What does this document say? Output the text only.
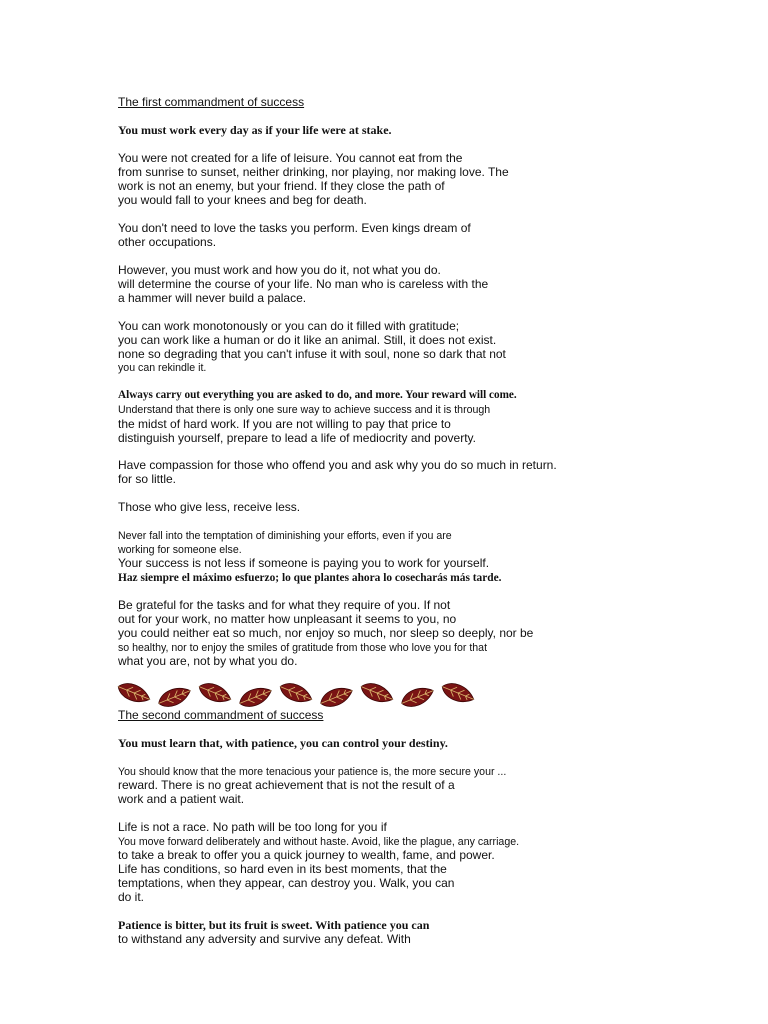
The first commandment of success
You must work every day as if your life were at stake.
You were not created for a life of leisure. You cannot eat from the
from sunrise to sunset, neither drinking, nor playing, nor making love. The
work is not an enemy, but your friend. If they close the path of
you would fall to your knees and beg for death.
You don't need to love the tasks you perform. Even kings dream of
other occupations.
However, you must work and how you do it, not what you do.
will determine the course of your life. No man who is careless with the
a hammer will never build a palace.
You can work monotonously or you can do it filled with gratitude;
you can work like a human or do it like an animal. Still, it does not exist.
none so degrading that you can't infuse it with soul, none so dark that not
you can rekindle it.
Always carry out everything you are asked to do, and more. Your reward will come.
Understand that there is only one sure way to achieve success and it is through
the midst of hard work. If you are not willing to pay that price to
distinguish yourself, prepare to lead a life of mediocrity and poverty.
Have compassion for those who offend you and ask why you do so much in return.
for so little.
Those who give less, receive less.
Never fall into the temptation of diminishing your efforts, even if you are
working for someone else.
Your success is not less if someone is paying you to work for yourself.
Haz siempre el máximo esfuerzo; lo que plantes ahora lo cosecharás más tarde.
Be grateful for the tasks and for what they require of you. If not
out for your work, no matter how unpleasant it seems to you, no
you could neither eat so much, nor enjoy so much, nor sleep so deeply, nor be
so healthy, nor to enjoy the smiles of gratitude from those who love you for that
what you are, not by what you do.
The second commandment of success
You must learn that, with patience, you can control your destiny.
You should know that the more tenacious your patience is, the more secure your ...
reward. There is no great achievement that is not the result of a
work and a patient wait.
Life is not a race. No path will be too long for you if
You move forward deliberately and without haste. Avoid, like the plague, any carriage.
to take a break to offer you a quick journey to wealth, fame, and power.
Life has conditions, so hard even in its best moments, that the
temptations, when they appear, can destroy you. Walk, you can
do it.
Patience is bitter, but its fruit is sweet. With patience you can
to withstand any adversity and survive any defeat. With
